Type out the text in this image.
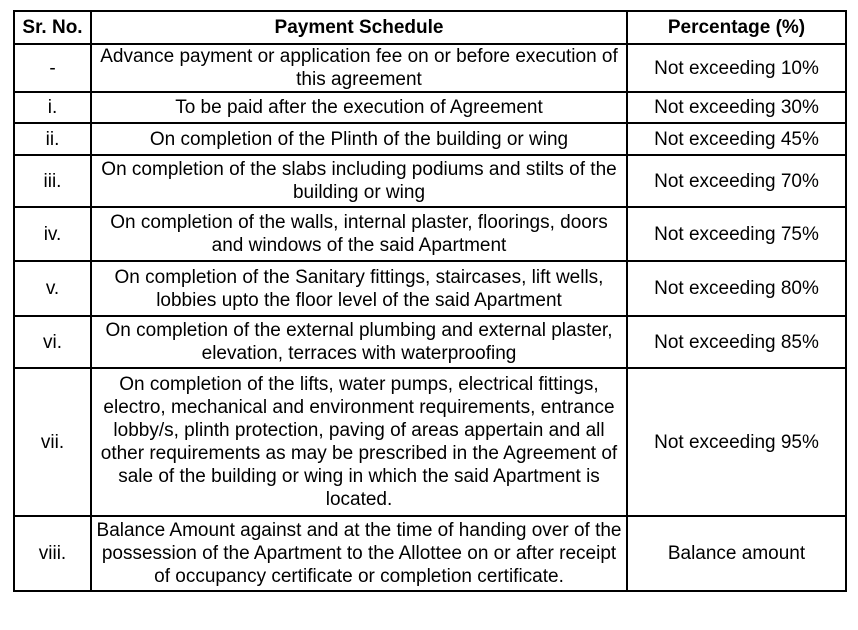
Sr. No.	Payment Schedule	Percentage (%)
-	Advance payment or application fee on or before execution of this agreement	Not exceeding 10%
i.	To be paid after the execution of Agreement	Not exceeding 30%
ii.	On completion of the Plinth of the building or wing	Not exceeding 45%
iii.	On completion of the slabs including podiums and stilts of the building or wing	Not exceeding 70%
iv.	On completion of the walls, internal plaster, floorings, doors and windows of the said Apartment	Not exceeding 75%
v.	On completion of the Sanitary fittings, staircases, lift wells, lobbies upto the floor level of the said Apartment	Not exceeding 80%
vi.	On completion of the external plumbing and external plaster, elevation, terraces with waterproofing	Not exceeding 85%
vii.	On completion of the lifts, water pumps, electrical fittings, electro, mechanical and environment requirements, entrance lobby/s, plinth protection, paving of areas appertain and all other requirements as may be prescribed in the Agreement of sale of the building or wing in which the said Apartment is located.	Not exceeding 95%
viii.	Balance Amount against and at the time of handing over of the possession of the Apartment to the Allottee on or after receipt of occupancy certificate or completion certificate.	Balance amount
